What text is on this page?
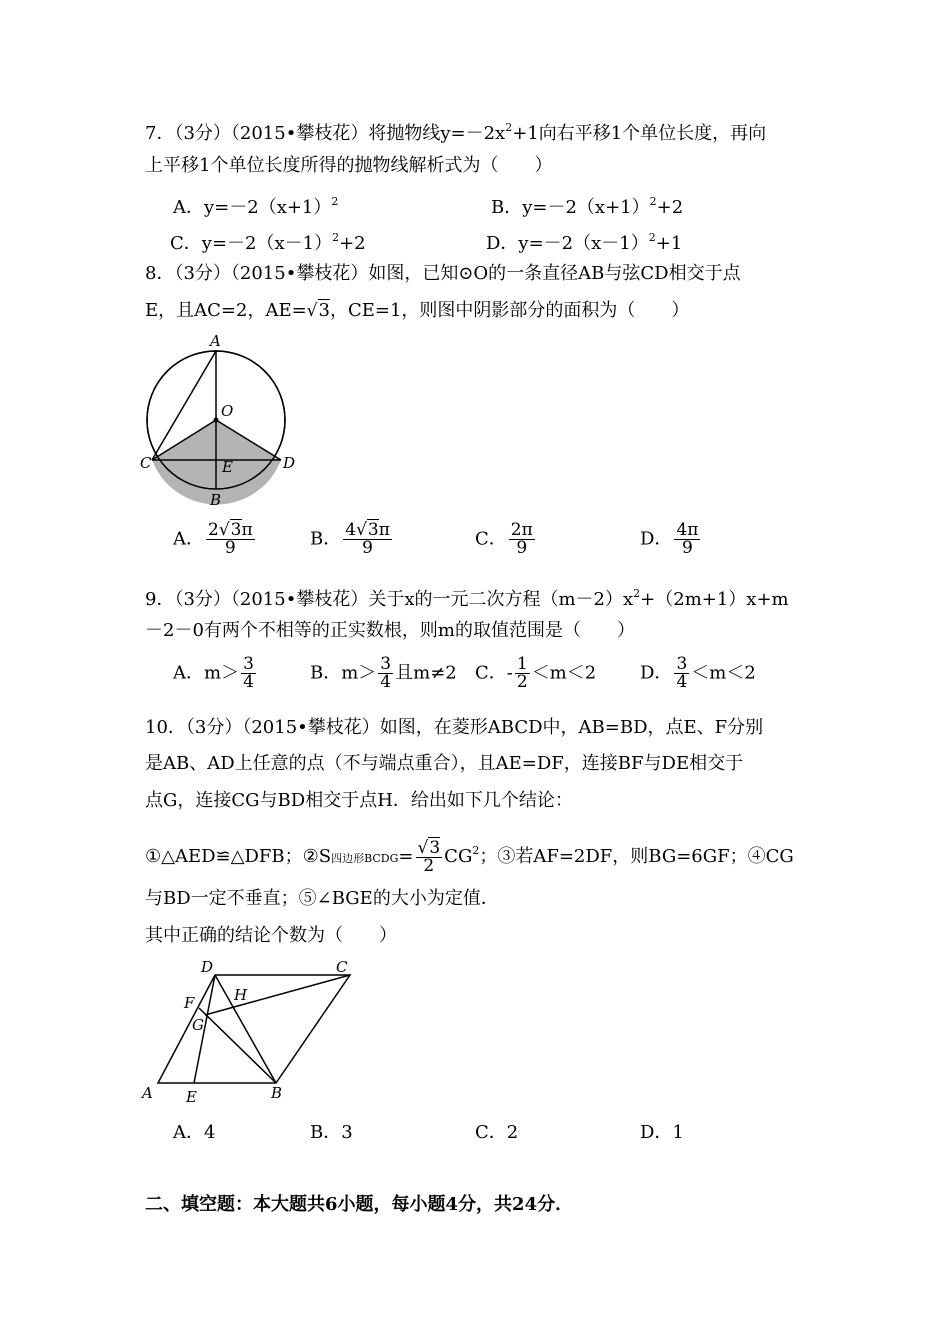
7．（3分）（2015•攀枝花）将抛物线$y=-2x^2+1$向右平移1个单位长度，再向
上平移1个单位长度所得的抛物线解析式为（　　）
A．$y=-2(x+1)^2$	B．$y=-2(x+1)^2+2$
C．$y=-2(x-1)^2+2$	D．$y=-2(x-1)^2+1$
8．（3分）（2015•攀枝花）如图，已知⊙O的一条直径AB与弦CD相交于点
E，且AC=2，AE=√3，CE=1，则图中阴影部分的面积为（　　）
A
O
C	D
E
B
A． $\frac{2√3\pi}{9}$	B． $\frac{4√3\pi}{9}$	C． $\frac{2\pi}{9}$	D． $\frac{4\pi}{9}$
9．（3分）（2015•攀枝花）关于x的一元二次方程$(m-2)x^2+(2m+1)x+m$
－2－0有两个不相等的正实数根，则m的取值范围是（　　）
A．$m> \frac{3}{4}$	B．$m> \frac{3}{4}$ 且m≠2 C．- $\frac{1}{2} <m<2$ D． $\frac{3}{4} <m<2$
10．（3分）（2015•攀枝花）如图，在菱形ABCD中，AB=BD，点E、F分别
是AB、AD上任意的点（不与端点重合），且AE=DF，连接BF与DE相交于
点G，连接CG与BD相交于点H．给出如下几个结论：
①△AED≌△DFB；②S四边形BCDG= $\frac{√3}{2} CG^2$；③若AF=2DF，则BG=6GF；④CG
与BD一定不垂直；⑤∠BGE的大小为定值．
其中正确的结论个数为（　　）
D	C
F	H
G
A E	B
A．4	B．3	C．2	D．1
二、填空题：本大题共6小题，每小题4分，共24分．
